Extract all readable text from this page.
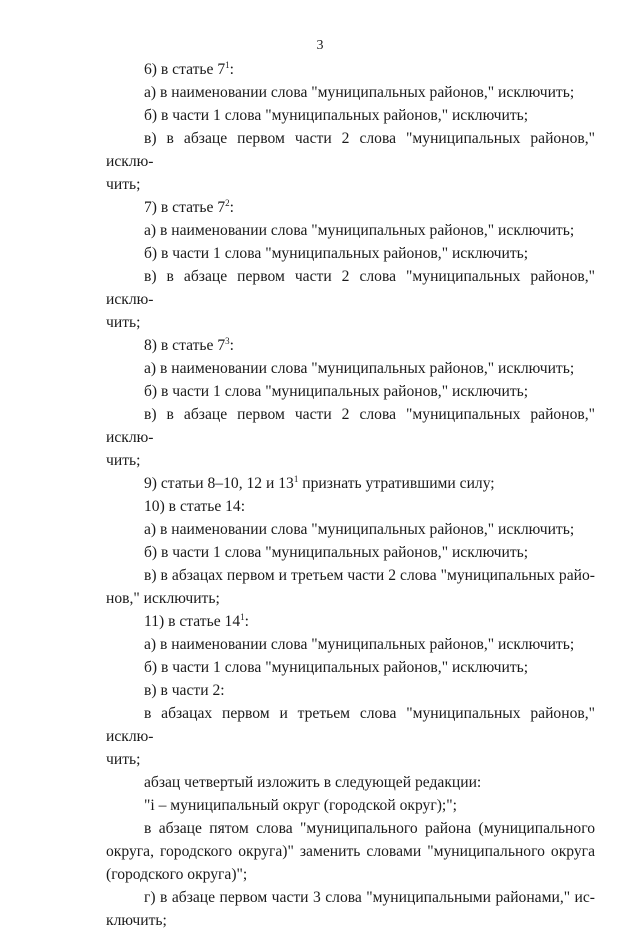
3

6) в статье $7^1$:

а) в наименовании слова "муниципальных районов," исключить;

б) в части 1 слова "муниципальных районов," исключить;

в) в абзаце первом части 2 слова "муниципальных районов," исклю-

чить;

7) в статье $7^2$:

а) в наименовании слова "муниципальных районов," исключить;

б) в части 1 слова "муниципальных районов," исключить;

в) в абзаце первом части 2 слова "муниципальных районов," исклю-

чить;

8) в статье $7^3$:

а) в наименовании слова "муниципальных районов," исключить;

б) в части 1 слова "муниципальных районов," исключить;

в) в абзаце первом части 2 слова "муниципальных районов," исклю-

чить;

9) статьи 8–10, 12 и $13^1$ признать утратившими силу;

10) в статье 14:

а) в наименовании слова "муниципальных районов," исключить;

б) в части 1 слова "муниципальных районов," исключить;

в) в абзацах первом и третьем части 2 слова "муниципальных райо-

нов," исключить;

11) в статье $14^1$:

а) в наименовании слова "муниципальных районов," исключить;

б) в части 1 слова "муниципальных районов," исключить;

в) в части 2:

в абзацах первом и третьем слова "муниципальных районов," исклю-

чить;

абзац четвертый изложить в следующей редакции:

"i – муниципальный округ (городской округ);";

в абзаце пятом слова "муниципального района (муниципального округа, городского округа)" заменить словами "муниципального округа (городского округа)";

г) в абзаце первом части 3 слова "муниципальными районами," ис-

ключить;
